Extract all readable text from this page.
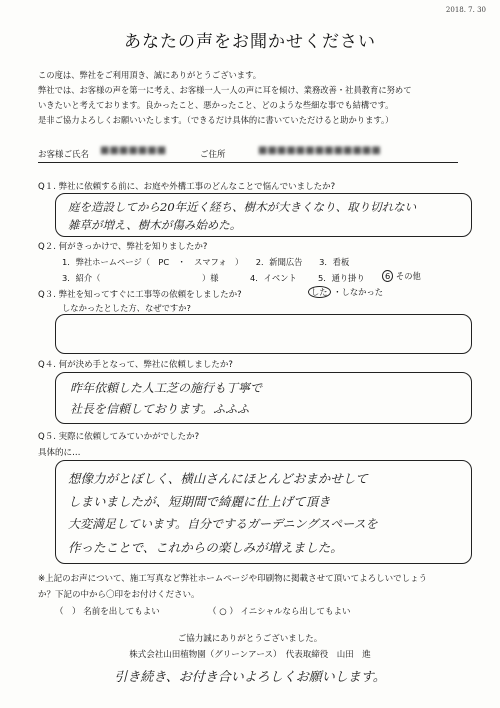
2018. 7. 30
あなたの声をお聞かせください
この度は、弊社をご利用頂き、誠にありがとうございます。
弊社では、お客様の声を第一に考え、お客様一人一人の声に耳を傾け、業務改善・社員教育に努めて
いきたいと考えております。良かったこと、悪かったこと、どのような些細な事でも結構です。
是非ご協力よろしくお願いいたします。（できるだけ具体的に書いていただけると助かります。）
お客様ご氏名 ■■■■■■■	ご住所	■■■■■■■■■■■■■
Q１. 弊社に依頼する前に、お庭や外構工事のどんなことで悩んでいましたか?
庭を造設してから20年近く経ち、樹木が大きくなり、取り切れない
雑草が増え、樹木が傷み始めた。
Q２. 何がきっかけで、弊社を知りましたか?
1．弊社ホームページ（　PC　・　スマフォ　）　　2．新聞広告　　3．看板
3．紹介（	）様	4．イベント	5．通り掛り	6 その他
Q３. 弊社を知ってすぐに工事等の依頼をしましたか?	した ・しなかった
しなかったとした方、なぜですか?
Q４. 何が決め手となって、弊社に依頼しましたか?
昨年依頼した人工芝の施行も丁寧で
社長を信頼しております。ふふふ
Q５. 実際に依頼してみていかがでしたか?
具体的に…
想像力がとぼしく、横山さんにほとんどおまかせして
しまいましたが、短期間で綺麗に仕上げて頂き
大変満足しています。自分でするガーデニングスペースを
作ったことで、これからの楽しみが増えました。
※上記のお声について、施工写真など弊社ホームページや印刷物に掲載させて頂いてよろしいでしょう
か？下記の中から〇印をお付けください。
（　） 名前を出してもよい	（ ○ ） イニシャルなら出してもよい
ご協力誠にありがとうございました。
株式会社山田植物園（グリーンアース）　代表取締役　山田　進
引き続き、お付き合いよろしくお願いします。
